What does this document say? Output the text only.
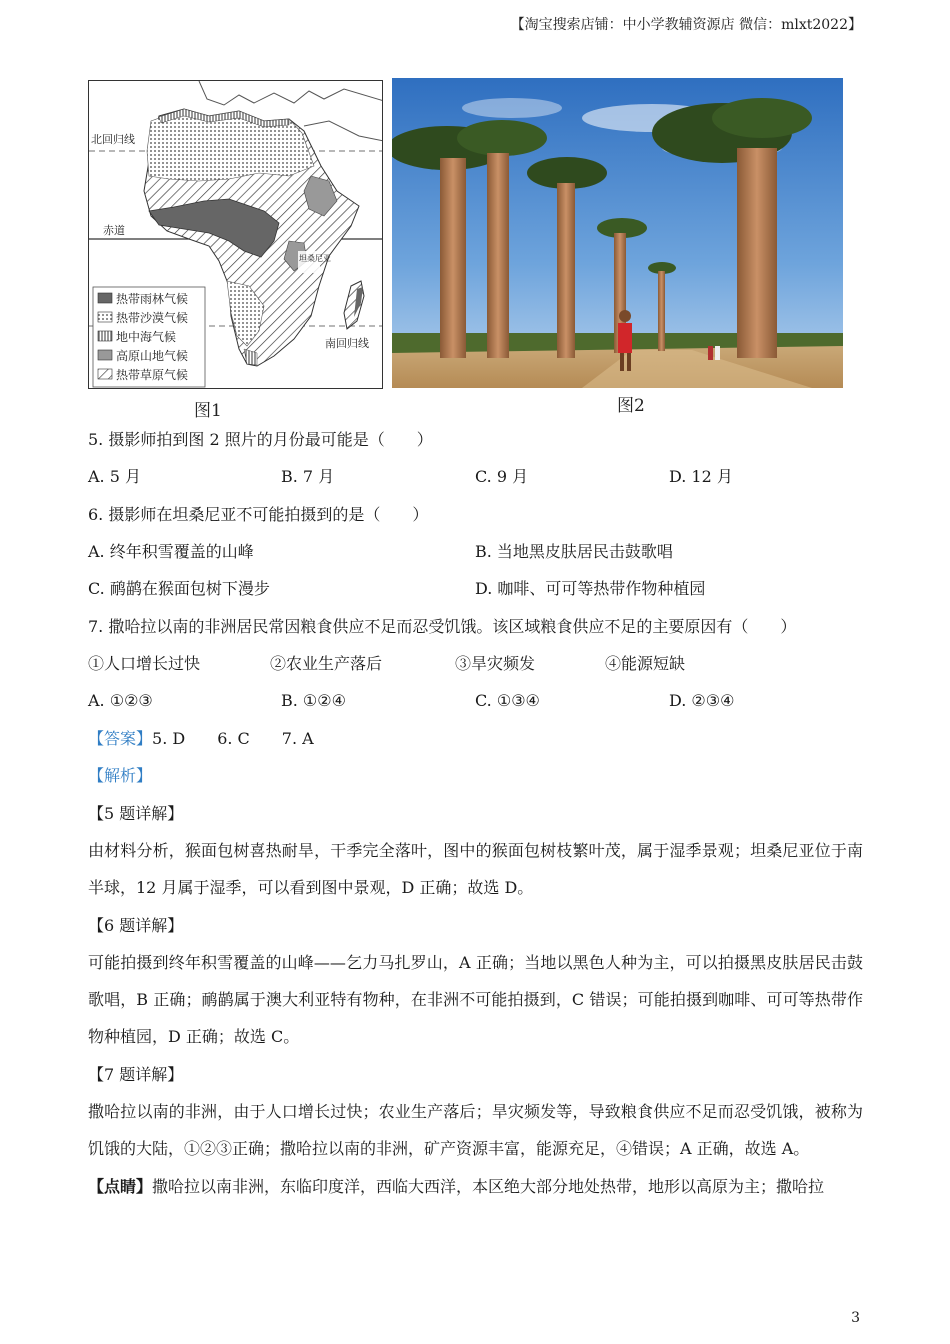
【淘宝搜索店铺：中小学教辅资源店 微信：mlxt2022】
北回归线
赤道
南回归线
坦桑尼亚
热带雨林气候
热带沙漠气候
地中海气候
高原山地气候
热带草原气候
图1	图2
5. 摄影师拍到图 2 照片的月份最可能是（　　）
A. 5 月	B. 7 月	C. 9 月	D. 12 月
6. 摄影师在坦桑尼亚不可能拍摄到的是（　　）
A. 终年积雪覆盖的山峰	B. 当地黑皮肤居民击鼓歌唱
C. 鸸鹋在猴面包树下漫步	D. 咖啡、可可等热带作物种植园
7. 撒哈拉以南的非洲居民常因粮食供应不足而忍受饥饿。该区域粮食供应不足的主要原因有（　　）
①人口增长过快	②农业生产落后	③旱灾频发	④能源短缺
A. ①②③	B. ①②④	C. ①③④	D. ②③④
【答案】5. D　　6. C　　7. A
【解析】
【5 题详解】
由材料分析，猴面包树喜热耐旱，干季完全落叶，图中的猴面包树枝繁叶茂，属于湿季景观；坦桑尼亚位于南半球，12 月属于湿季，可以看到图中景观，D 正确；故选 D。
【6 题详解】
可能拍摄到终年积雪覆盖的山峰——乞力马扎罗山，A 正确；当地以黑色人种为主，可以拍摄黑皮肤居民击鼓歌唱，B 正确；鸸鹋属于澳大利亚特有物种，在非洲不可能拍摄到，C 错误；可能拍摄到咖啡、可可等热带作物种植园，D 正确；故选 C。
【7 题详解】
撒哈拉以南的非洲，由于人口增长过快；农业生产落后；旱灾频发等，导致粮食供应不足而忍受饥饿，被称为饥饿的大陆，①②③正确；撒哈拉以南的非洲，矿产资源丰富，能源充足，④错误；A 正确，故选 A。
【点睛】撒哈拉以南非洲，东临印度洋，西临大西洋，本区绝大部分地处热带，地形以高原为主；撒哈拉
3
